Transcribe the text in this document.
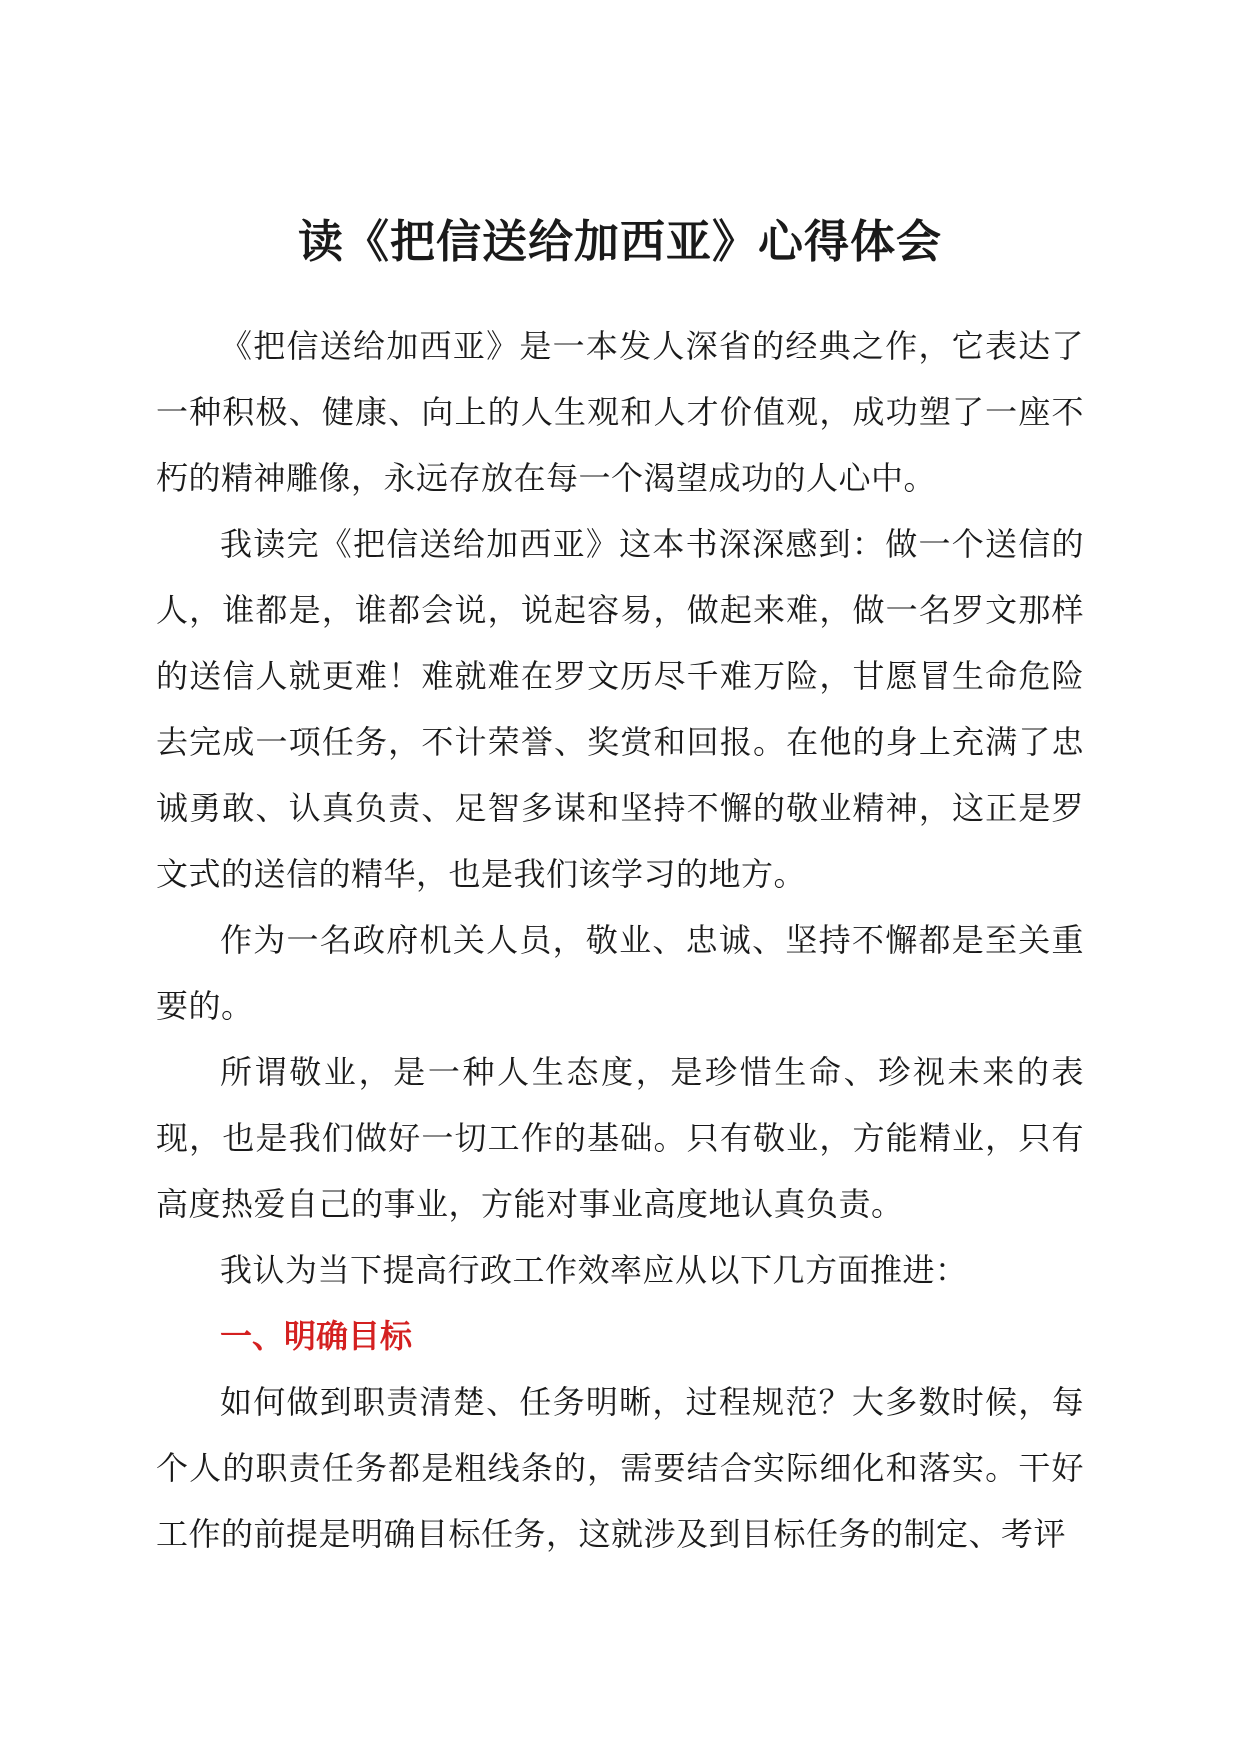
读《把信送给加西亚》心得体会

《把信送给加西亚》是一本发人深省的经典之作，它表达了一种积极、健康、向上的人生观和人才价值观，成功塑了一座不朽的精神雕像，永远存放在每一个渴望成功的人心中。

我读完《把信送给加西亚》这本书深深感到：做一个送信的人，谁都是，谁都会说，说起容易，做起来难，做一名罗文那样的送信人就更难！难就难在罗文历尽千难万险，甘愿冒生命危险去完成一项任务，不计荣誉、奖赏和回报。在他的身上充满了忠诚勇敢、认真负责、足智多谋和坚持不懈的敬业精神，这正是罗文式的送信的精华，也是我们该学习的地方。

作为一名政府机关人员，敬业、忠诚、坚持不懈都是至关重要的。

所谓敬业，是一种人生态度，是珍惜生命、珍视未来的表现，也是我们做好一切工作的基础。只有敬业，方能精业，只有高度热爱自己的事业，方能对事业高度地认真负责。

我认为当下提高行政工作效率应从以下几方面推进：

一、明确目标

如何做到职责清楚、任务明晰，过程规范？大多数时候，每个人的职责任务都是粗线条的，需要结合实际细化和落实。干好工作的前提是明确目标任务，这就涉及到目标任务的制定、考评
